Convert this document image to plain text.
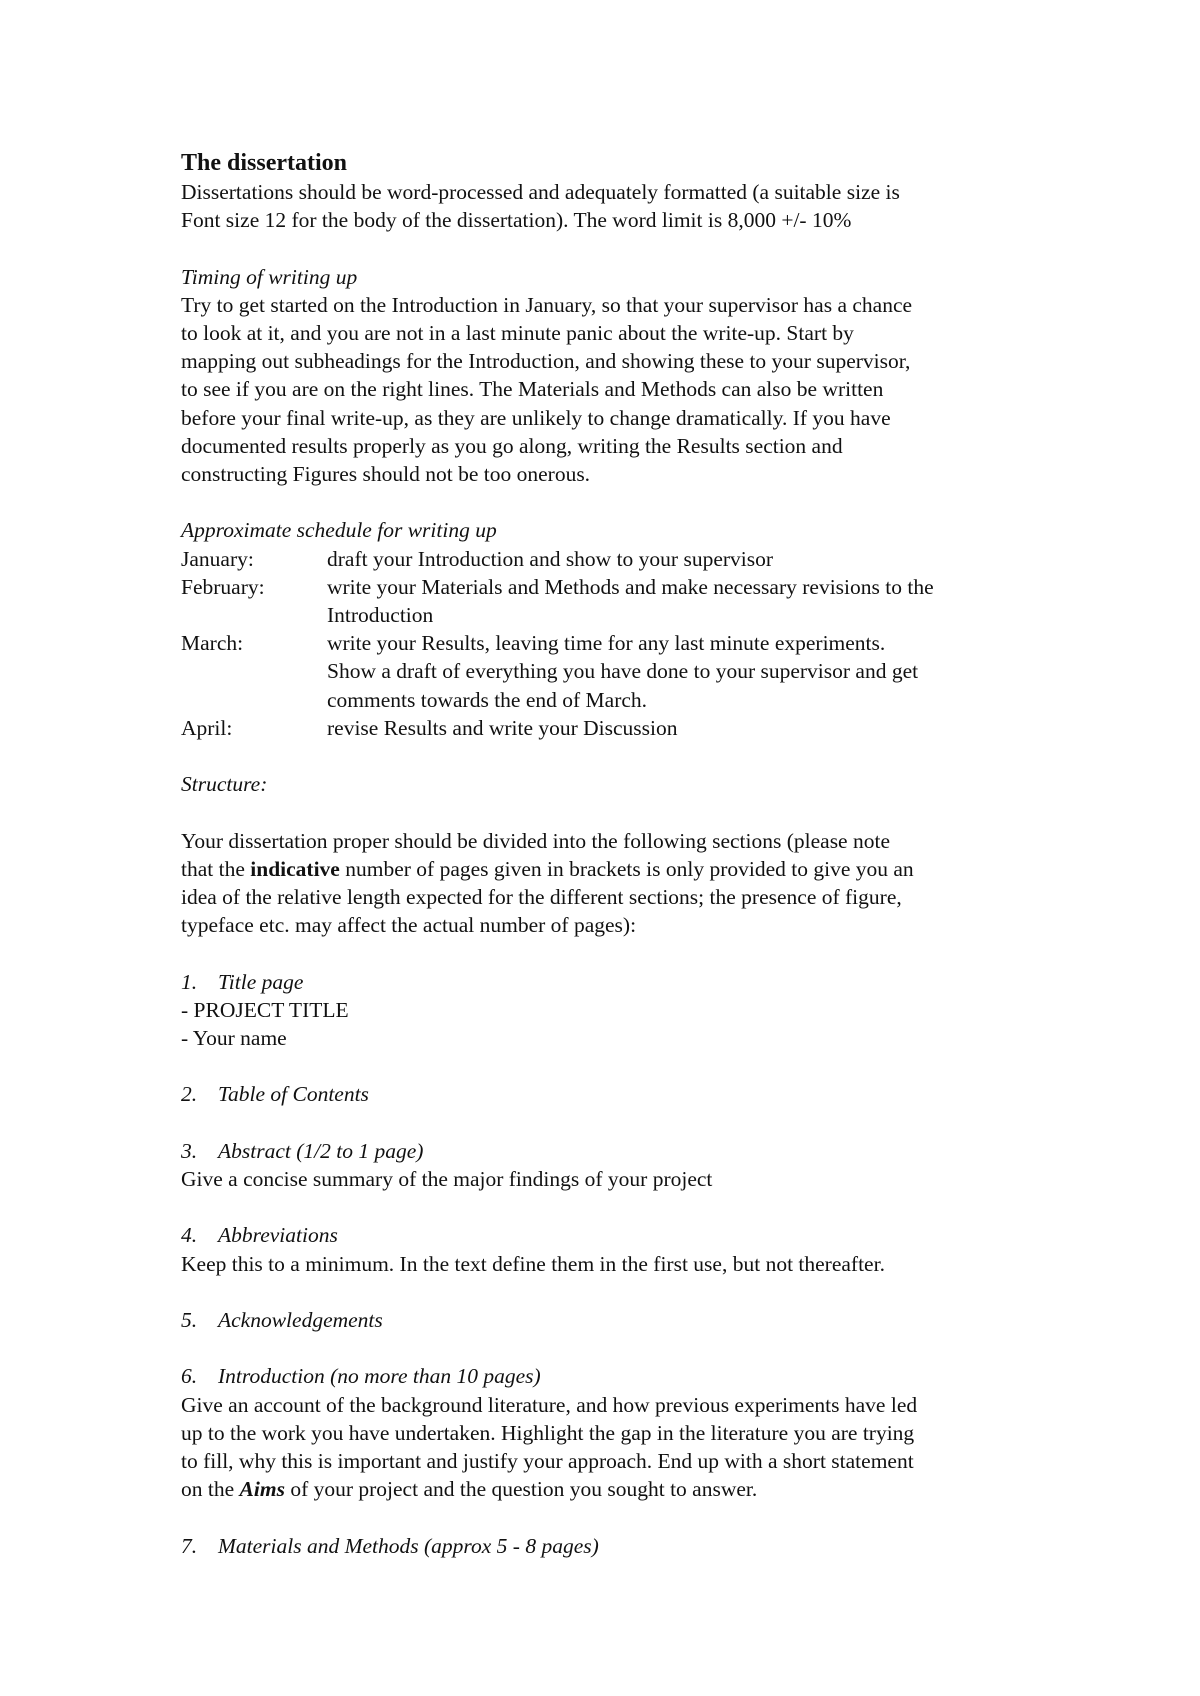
The dissertation

Dissertations should be word-processed and adequately formatted (a suitable size is

Font size 12 for the body of the dissertation). The word limit is 8,000 +/- 10%

Timing of writing up

Try to get started on the Introduction in January, so that your supervisor has a chance

to look at it, and you are not in a last minute panic about the write-up. Start by

mapping out subheadings for the Introduction, and showing these to your supervisor,

to see if you are on the right lines. The Materials and Methods can also be written

before your final write-up, as they are unlikely to change dramatically. If you have

documented results properly as you go along, writing the Results section and

constructing Figures should not be too onerous.

Approximate schedule for writing up

January:	draft your Introduction and show to your supervisor
February:	write your Materials and Methods and make necessary revisions to the
Introduction
March:	write your Results, leaving time for any last minute experiments.
Show a draft of everything you have done to your supervisor and get
comments towards the end of March.
April:	revise Results and write your Discussion

Structure:

Your dissertation proper should be divided into the following sections (please note

that the indicative number of pages given in brackets is only provided to give you an

idea of the relative length expected for the different sections; the presence of figure,

typeface etc. may affect the actual number of pages):

1. Title page

- PROJECT TITLE

- Your name

2. Table of Contents
3. Abstract (1/2 to 1 page)

Give a concise summary of the major findings of your project

4. Abbreviations

Keep this to a minimum. In the text define them in the first use, but not thereafter.

5. Acknowledgements
6. Introduction (no more than 10 pages)

Give an account of the background literature, and how previous experiments have led

up to the work you have undertaken. Highlight the gap in the literature you are trying

to fill, why this is important and justify your approach. End up with a short statement

on the Aims of your project and the question you sought to answer.

7. Materials and Methods (approx 5 - 8 pages)
